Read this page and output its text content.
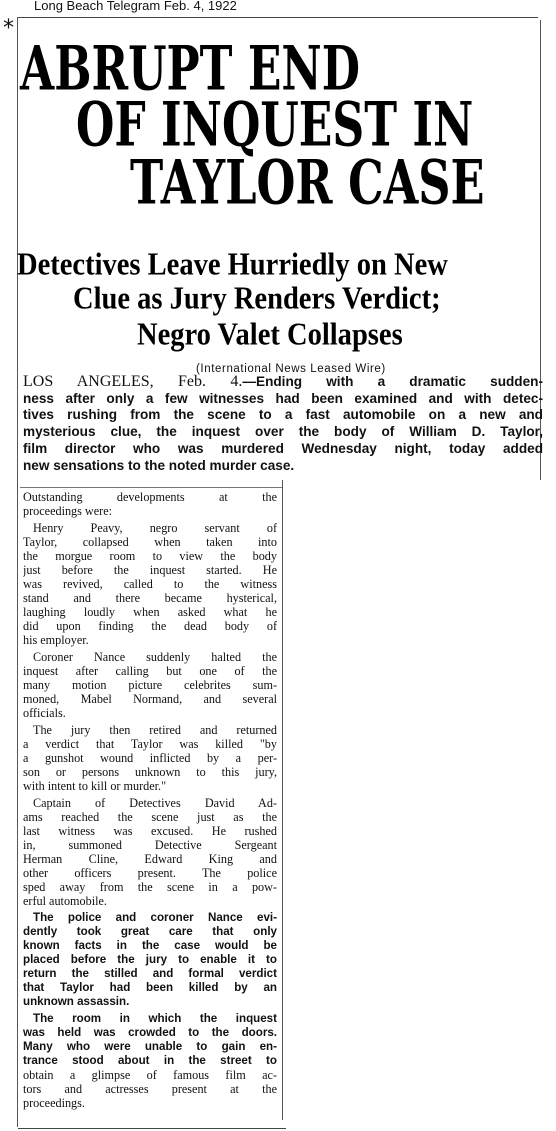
Long Beach Telegram Feb. 4, 1922
*
ABRUPT END
OF INQUEST IN
TAYLOR CASE
Detectives Leave Hurriedly on New
Clue as Jury Renders Verdict;
Negro Valet Collapses
(International News Leased Wire)
LOS ANGELES, Feb. 4.—Ending with a dramatic sudden-
ness after only a few witnesses had been examined and with detec-
tives rushing from the scene to a fast automobile on a new and
mysterious clue, the inquest over the body of William D. Taylor,
film director who was murdered Wednesday night, today added
new sensations to the noted murder case.
Outstanding developments at the
proceedings were:
Henry Peavy, negro servant of
Taylor, collapsed when taken into
the morgue room to view the body
just before the inquest started. He
was revived, called to the witness
stand and there became hysterical,
laughing loudly when asked what he
did upon finding the dead body of
his employer.
Coroner Nance suddenly halted the
inquest after calling but one of the
many motion picture celebrites sum-
moned, Mabel Normand, and several
officials.
The jury then retired and returned
a verdict that Taylor was killed "by
a gunshot wound inflicted by a per-
son or persons unknown to this jury,
with intent to kill or murder."
Captain of Detectives David Ad-
ams reached the scene just as the
last witness was excused. He rushed
in, summoned Detective Sergeant
Herman Cline, Edward King and
other officers present. The police
sped away from the scene in a pow-
erful automobile.
The police and coroner Nance evi-
dently took great care that only
known facts in the case would be
placed before the jury to enable it to
return the stilled and formal verdict
that Taylor had been killed by an
unknown assassin.
The room in which the inquest
was held was crowded to the doors.
Many who were unable to gain en-
trance stood about in the street to
obtain a glimpse of famous film ac-
tors and actresses present at the
proceedings.
